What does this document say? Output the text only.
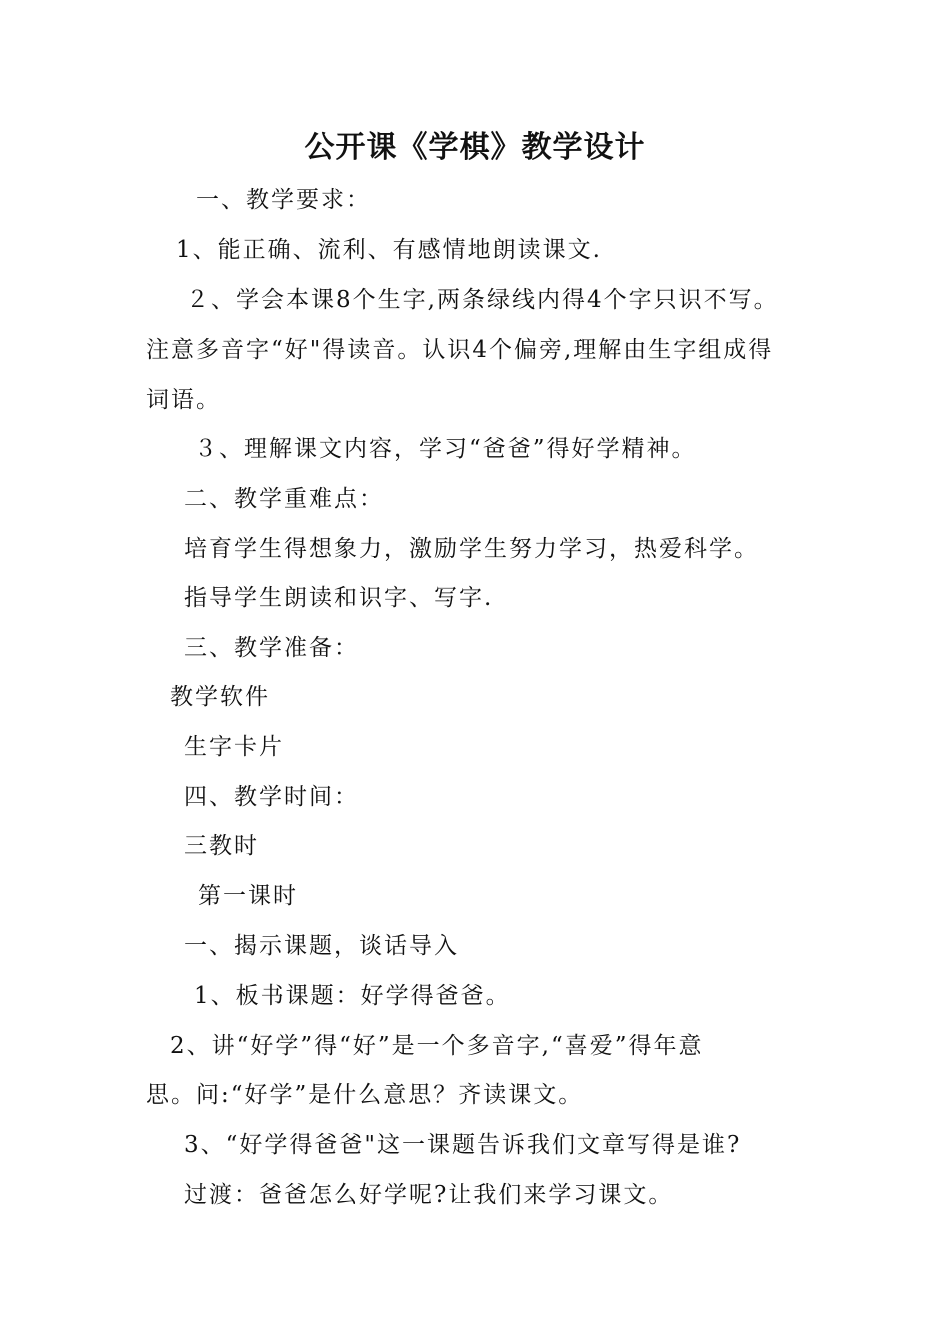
公开课《学棋》教学设计
一、教学要求：
1、能正确、流利、有感情地朗读课文.
２、学会本课8个生字,两条绿线内得4个字只识不写。
注意多音字“好"得读音。认识4个偏旁,理解由生字组成得
词语。
３、理解课文内容，学习“爸爸”得好学精神。
二、教学重难点：
培育学生得想象力，激励学生努力学习，热爱科学。
指导学生朗读和识字、写字.
三、教学准备：
教学软件
生字卡片
四、教学时间：
三教时
第一课时
一、揭示课题，谈话导入
1、板书课题：好学得爸爸。
2、讲“好学”得“好”是一个多音字,“喜爱”得年意
思。问:“好学”是什么意思？齐读课文。
3、“好学得爸爸"这一课题告诉我们文章写得是谁?
过渡：爸爸怎么好学呢?让我们来学习课文。
